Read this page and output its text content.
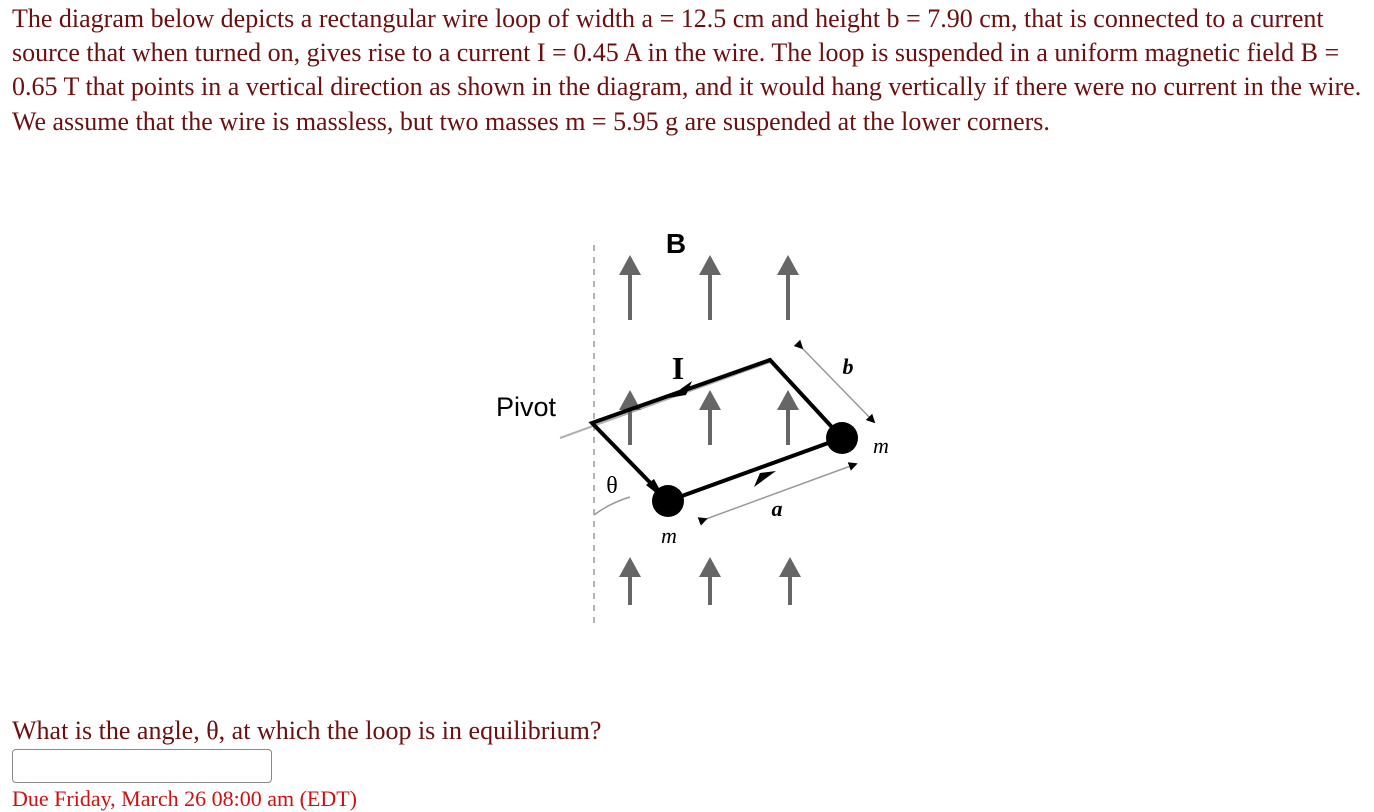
The diagram below depicts a rectangular wire loop of width a = 12.5 cm and height b = 7.90 cm, that is connected to a current source that when turned on, gives rise to a current I = 0.45 A in the wire. The loop is suspended in a uniform magnetic field B = 0.65 T that points in a vertical direction as shown in the diagram, and it would hang vertically if there were no current in the wire. We assume that the wire is massless, but two masses m = 5.95 g are suspended at the lower corners.

B
I
Pivot
θ
a
b
m
m

What is the angle, θ, at which the loop is in equilibrium?

Due Friday, March 26 08:00 am (EDT)
